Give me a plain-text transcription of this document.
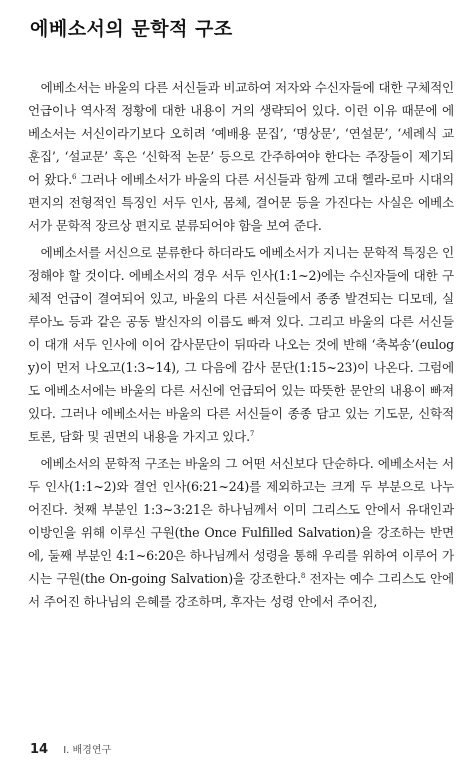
에베소서의 문학적 구조

에베소서는 바울의 다른 서신들과 비교하여 저자와 수신자들에 대한 구체적인 언급이나 역사적 정황에 대한 내용이 거의 생략되어 있다. 이런 이유 때문에 에베소서는 서신이라기보다 오히려 ‘예배용 문집’, ‘명상문’, ‘연설문’, ‘세례식 교훈집’, ‘설교문’ 혹은 ‘신학적 논문’ 등으로 간주하여야 한다는 주장들이 제기되어 왔다.$^6$ 그러나 에베소서가 바울의 다른 서신들과 함께 고대 헬라-로마 시대의 편지의 전형적인 특징인 서두 인사, 몸체, 결어문 등을 가진다는 사실은 에베소서가 문학적 장르상 편지로 분류되어야 함을 보여 준다.

에베소서를 서신으로 분류한다 하더라도 에베소서가 지니는 문학적 특징은 인정해야 할 것이다. 에베소서의 경우 서두 인사(1:1~2)에는 수신자들에 대한 구체적 언급이 결여되어 있고, 바울의 다른 서신들에서 종종 발견되는 디모데, 실루아노 등과 같은 공동 발신자의 이름도 빠져 있다. 그리고 바울의 다른 서신들이 대개 서두 인사에 이어 감사문단이 뒤따라 나오는 것에 반해 ‘축복송’(eulogy)이 먼저 나오고(1:3~14), 그 다음에 감사 문단(1:15~23)이 나온다. 그럼에도 에베소서에는 바울의 다른 서신에 언급되어 있는 따뜻한 문안의 내용이 빠져 있다. 그러나 에베소서는 바울의 다른 서신들이 종종 담고 있는 기도문, 신학적 토론, 담화 및 권면의 내용을 가지고 있다.$^7$

에베소서의 문학적 구조는 바울의 그 어떤 서신보다 단순하다. 에베소서는 서두 인사(1:1~2)와 결언 인사(6:21~24)를 제외하고는 크게 두 부분으로 나누어진다. 첫째 부분인 1:3~3:21은 하나님께서 이미 그리스도 안에서 유대인과 이방인을 위해 이루신 구원(the Once Fulfilled Salvation)을 강조하는 반면에, 둘째 부분인 4:1~6:20은 하나님께서 성령을 통해 우리를 위하여 이루어 가시는 구원(the On-going Salvation)을 강조한다.$^8$ 전자는 예수 그리스도 안에서 주어진 하나님의 은혜를 강조하며, 후자는 성령 안에서 주어진,

14 I. 배경연구
